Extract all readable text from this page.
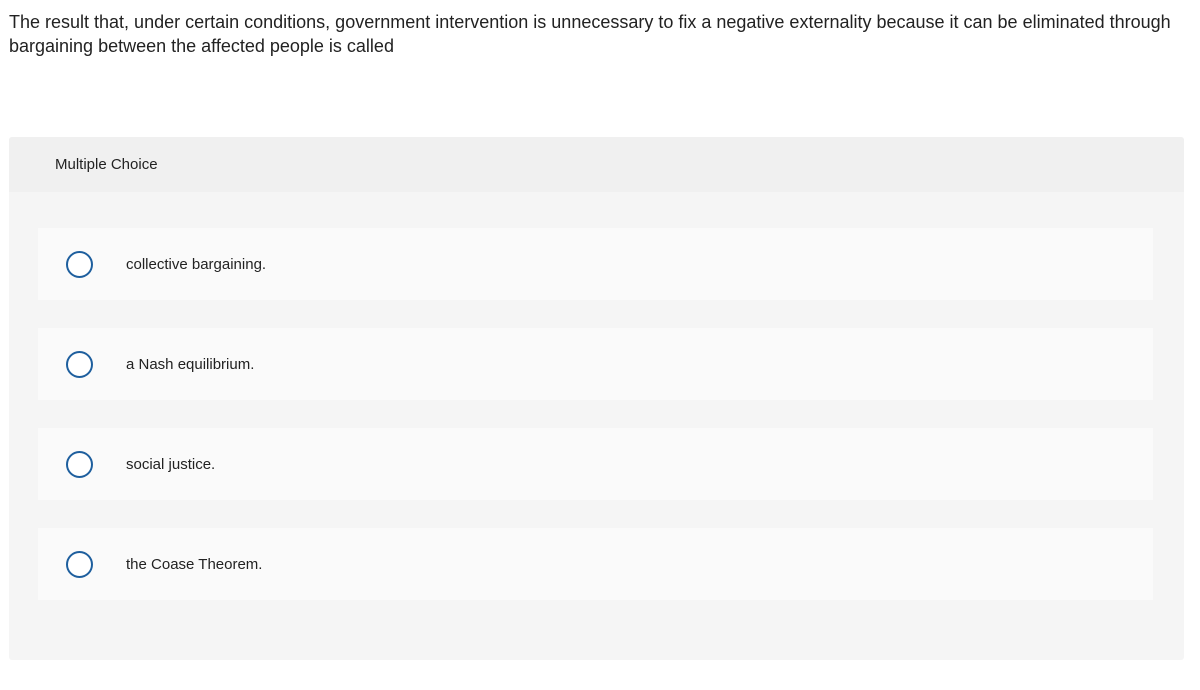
The result that, under certain conditions, government intervention is unnecessary to fix a negative externality because it can be eliminated through bargaining between the affected people is called

Multiple Choice
collective bargaining.
a Nash equilibrium.
social justice.
the Coase Theorem.
